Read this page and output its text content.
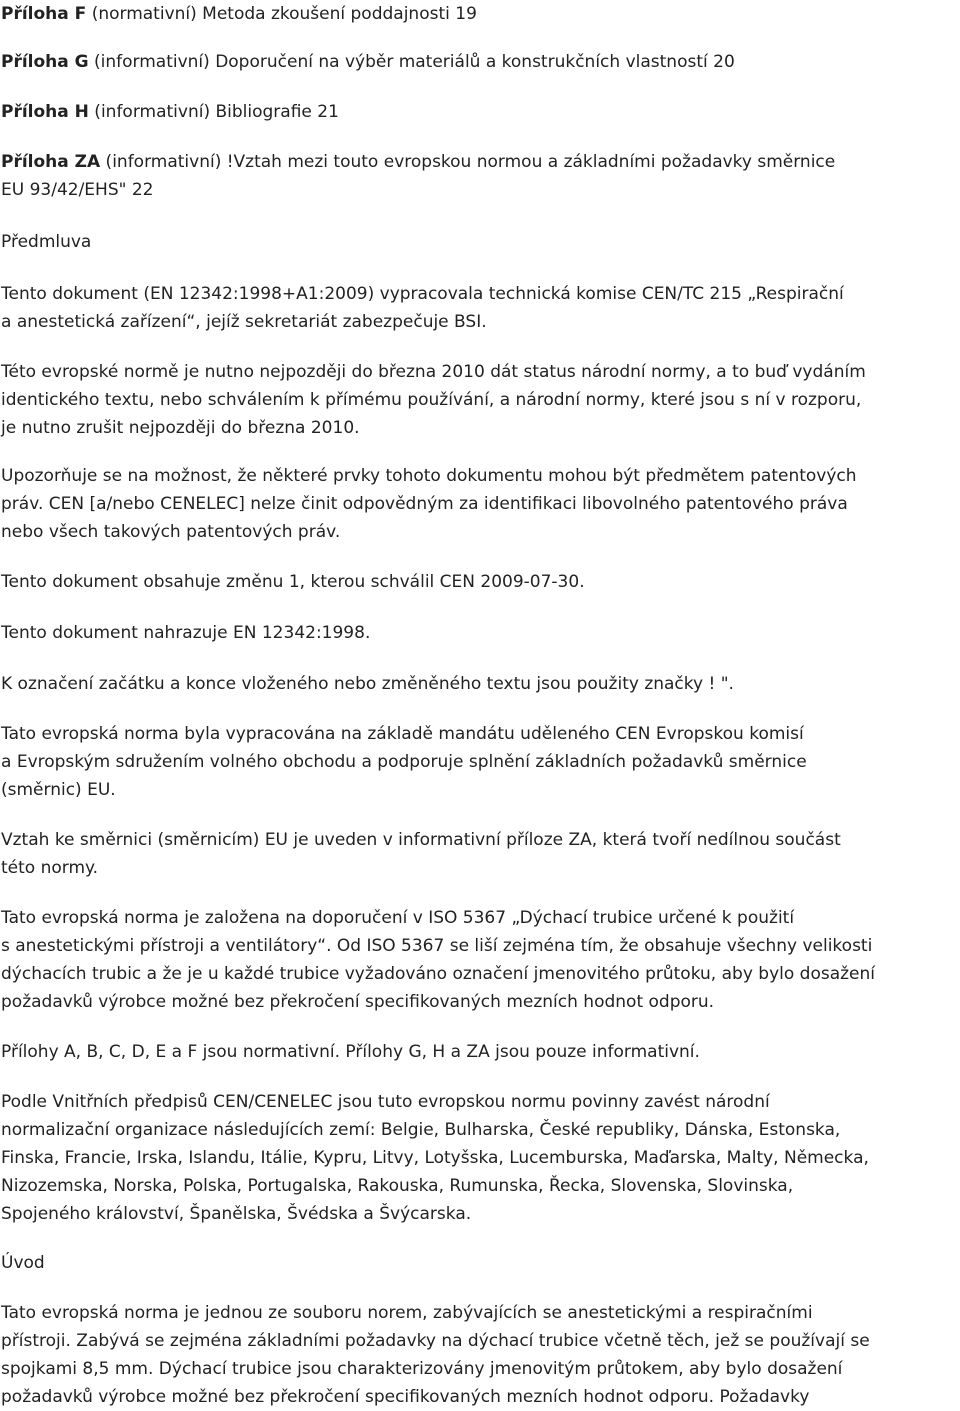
Příloha F (normativní) Metoda zkoušení poddajnosti 19

Příloha G (informativní) Doporučení na výběr materiálů a konstrukčních vlastností 20

Příloha H (informativní) Bibliografie 21

Příloha ZA (informativní) !Vztah mezi touto evropskou normou a základními požadavky směrnice
EU 93/42/EHS" 22

Předmluva

Tento dokument (EN 12342:1998+A1:2009) vypracovala technická komise CEN/TC 215 „Respirační
a anestetická zařízení“, jejíž sekretariát zabezpečuje BSI.

Této evropské normě je nutno nejpozději do března 2010 dát status národní normy, a to buď vydáním
identického textu, nebo schválením k přímému používání, a národní normy, které jsou s ní v rozporu,
je nutno zrušit nejpozději do března 2010.

Upozorňuje se na možnost, že některé prvky tohoto dokumentu mohou být předmětem patentových
práv. CEN [a/nebo CENELEC] nelze činit odpovědným za identifikaci libovolného patentového práva
nebo všech takových patentových práv.

Tento dokument obsahuje změnu 1, kterou schválil CEN 2009-07-30.

Tento dokument nahrazuje EN 12342:1998.

K označení začátku a konce vloženého nebo změněného textu jsou použity značky ! ".

Tato evropská norma byla vypracována na základě mandátu uděleného CEN Evropskou komisí
a Evropským sdružením volného obchodu a podporuje splnění základních požadavků směrnice
(směrnic) EU.

Vztah ke směrnici (směrnicím) EU je uveden v informativní příloze ZA, která tvoří nedílnou součást
této normy.

Tato evropská norma je založena na doporučení v ISO 5367 „Dýchací trubice určené k použití
s anestetickými přístroji a ventilátory“. Od ISO 5367 se liší zejména tím, že obsahuje všechny velikosti
dýchacích trubic a že je u každé trubice vyžadováno označení jmenovitého průtoku, aby bylo dosažení
požadavků výrobce možné bez překročení specifikovaných mezních hodnot odporu.

Přílohy A, B, C, D, E a F jsou normativní. Přílohy G, H a ZA jsou pouze informativní.

Podle Vnitřních předpisů CEN/CENELEC jsou tuto evropskou normu povinny zavést národní
normalizační organizace následujících zemí: Belgie, Bulharska, České republiky, Dánska, Estonska,
Finska, Francie, Irska, Islandu, Itálie, Kypru, Litvy, Lotyšska, Lucemburska, Maďarska, Malty, Německa,
Nizozemska, Norska, Polska, Portugalska, Rakouska, Rumunska, Řecka, Slovenska, Slovinska,
Spojeného království, Španělska, Švédska a Švýcarska.

Úvod

Tato evropská norma je jednou ze souboru norem, zabývajících se anestetickými a respiračními
přístroji. Zabývá se zejména základními požadavky na dýchací trubice včetně těch, jež se používají se
spojkami 8,5 mm. Dýchací trubice jsou charakterizovány jmenovitým průtokem, aby bylo dosažení
požadavků výrobce možné bez překročení specifikovaných mezních hodnot odporu. Požadavky
